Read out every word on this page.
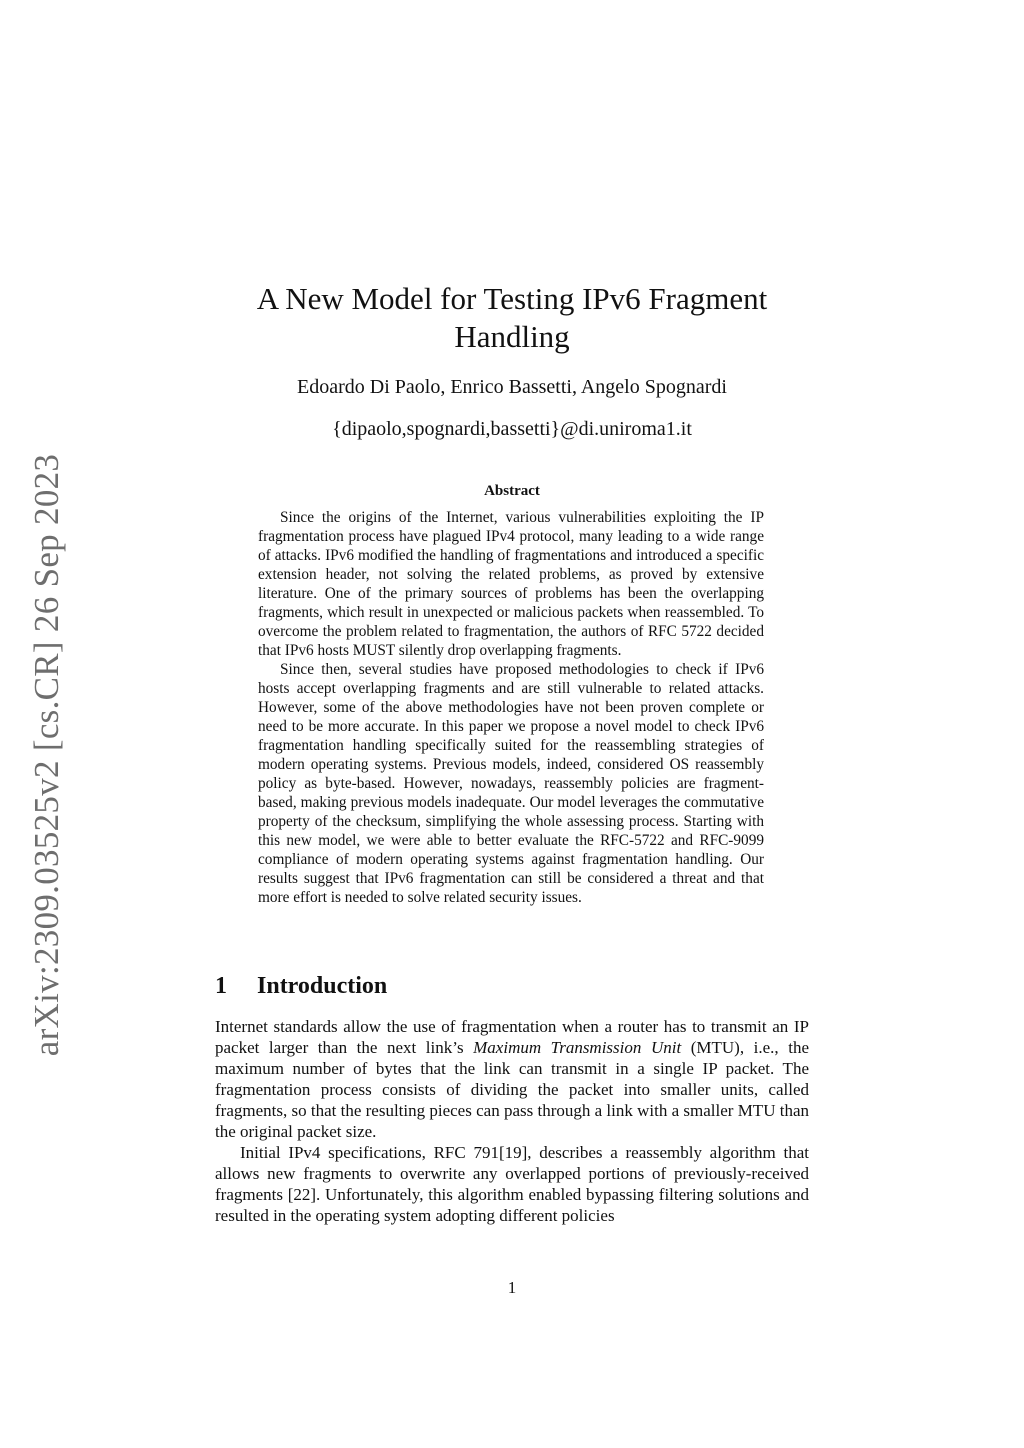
arXiv:2309.03525v2 [cs.CR] 26 Sep 2023
A New Model for Testing IPv6 Fragment Handling
Edoardo Di Paolo, Enrico Bassetti, Angelo Spognardi
{dipaolo,spognardi,bassetti}@di.uniroma1.it
Abstract

Since the origins of the Internet, various vulnerabilities exploiting the IP fragmentation process have plagued IPv4 protocol, many leading to a wide range of attacks. IPv6 modified the handling of fragmentations and introduced a specific extension header, not solving the related problems, as proved by extensive literature. One of the primary sources of problems has been the overlapping fragments, which result in unexpected or malicious packets when reassembled. To overcome the problem related to fragmentation, the authors of RFC 5722 decided that IPv6 hosts MUST silently drop overlapping fragments.

Since then, several studies have proposed methodologies to check if IPv6 hosts accept overlapping fragments and are still vulnerable to related attacks. However, some of the above methodologies have not been proven complete or need to be more accurate. In this paper we propose a novel model to check IPv6 fragmentation handling specifically suited for the reassembling strategies of modern operating systems. Previous models, indeed, considered OS reassembly policy as byte-based. However, nowadays, reassembly policies are fragment-based, making previous models inadequate. Our model leverages the commutative property of the checksum, simplifying the whole assessing process. Starting with this new model, we were able to better evaluate the RFC-5722 and RFC-9099 compliance of modern operating systems against fragmentation handling. Our results suggest that IPv6 fragmentation can still be considered a threat and that more effort is needed to solve related security issues.

1 Introduction

Internet standards allow the use of fragmentation when a router has to transmit an IP packet larger than the next link’s Maximum Transmission Unit (MTU), i.e., the maximum number of bytes that the link can transmit in a single IP packet. The fragmentation process consists of dividing the packet into smaller units, called fragments, so that the resulting pieces can pass through a link with a smaller MTU than the original packet size.

Initial IPv4 specifications, RFC 791[19], describes a reassembly algorithm that allows new fragments to overwrite any overlapped portions of previously-received fragments [22]. Unfortunately, this algorithm enabled bypassing filtering solutions and resulted in the operating system adopting different policies

1
